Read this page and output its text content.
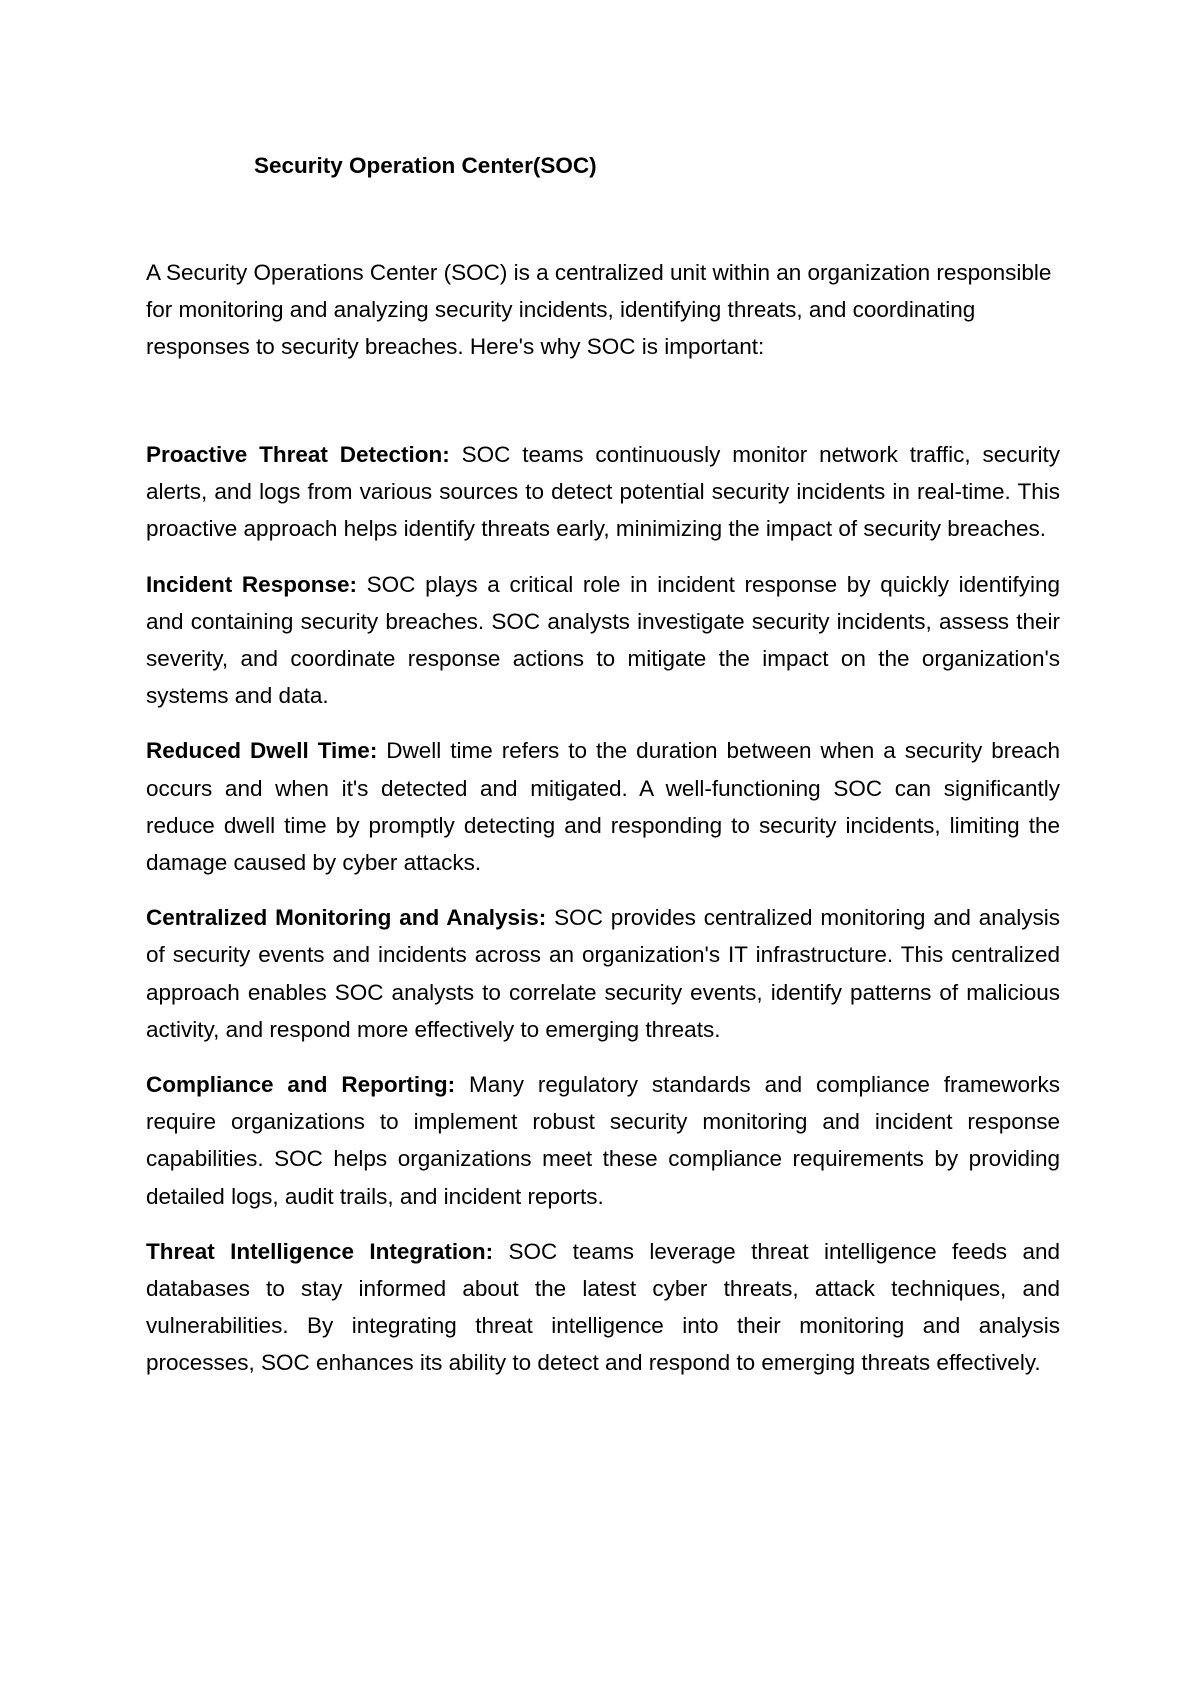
Security Operation Center(SOC)

A Security Operations Center (SOC) is a centralized unit within an organization responsible for monitoring and analyzing security incidents, identifying threats, and coordinating responses to security breaches. Here's why SOC is important:

Proactive Threat Detection: SOC teams continuously monitor network traffic, security alerts, and logs from various sources to detect potential security incidents in real-time. This proactive approach helps identify threats early, minimizing the impact of security breaches.

Incident Response: SOC plays a critical role in incident response by quickly identifying and containing security breaches. SOC analysts investigate security incidents, assess their severity, and coordinate response actions to mitigate the impact on the organization's systems and data.

Reduced Dwell Time: Dwell time refers to the duration between when a security breach occurs and when it's detected and mitigated. A well-functioning SOC can significantly reduce dwell time by promptly detecting and responding to security incidents, limiting the damage caused by cyber attacks.

Centralized Monitoring and Analysis: SOC provides centralized monitoring and analysis of security events and incidents across an organization's IT infrastructure. This centralized approach enables SOC analysts to correlate security events, identify patterns of malicious activity, and respond more effectively to emerging threats.

Compliance and Reporting: Many regulatory standards and compliance frameworks require organizations to implement robust security monitoring and incident response capabilities. SOC helps organizations meet these compliance requirements by providing detailed logs, audit trails, and incident reports.

Threat Intelligence Integration: SOC teams leverage threat intelligence feeds and databases to stay informed about the latest cyber threats, attack techniques, and vulnerabilities. By integrating threat intelligence into their monitoring and analysis processes, SOC enhances its ability to detect and respond to emerging threats effectively.
